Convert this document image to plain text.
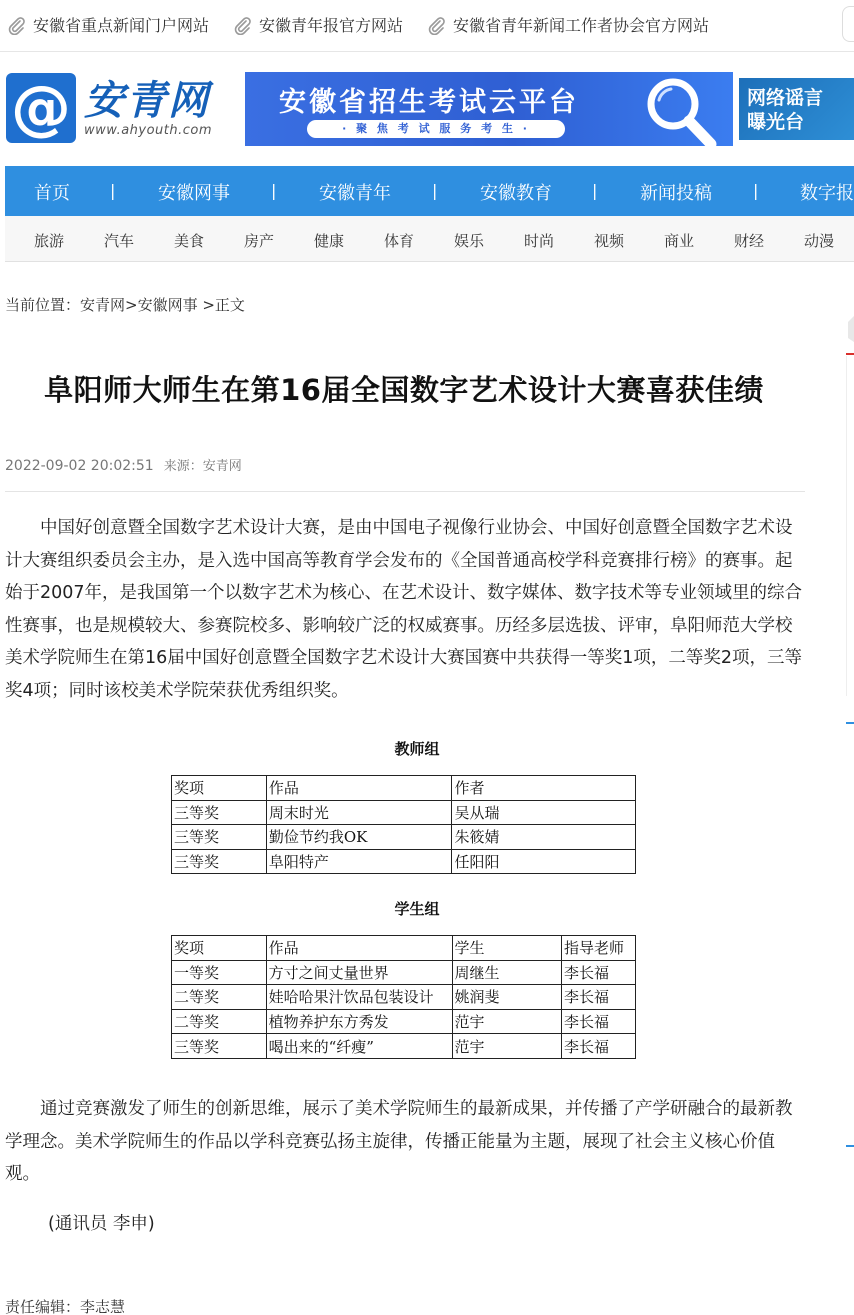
安徽省重点新闻门户网站	安徽青年报官方网站	安徽省青年新闻工作者协会官方网站
@ 安青网
www.ahyouth.com
安徽省招生考试云平台
· 聚 焦 考 试 服 务 考 生 ·
网络谣言
曝光台
首页	| 安徽网事	| 安徽青年	| 安徽教育	| 新闻投稿	| 数字报
旅游	汽车	美食	房产	健康	体育	娱乐	时尚	视频	商业	财经	动漫
当前位置：安青网>安徽网事 >正文
阜阳师大师生在第16届全国数字艺术设计大赛喜获佳绩
2022-09-02 20:02:51 来源：安青网

中国好创意暨全国数字艺术设计大赛，是由中国电子视像行业协会、中国好创意暨全国数字艺术设计大赛组织委员会主办，是入选中国高等教育学会发布的《全国普通高校学科竞赛排行榜》的赛事。起始于2007年，是我国第一个以数字艺术为核心、在艺术设计、数字媒体、数字技术等专业领域里的综合性赛事，也是规模较大、参赛院校多、影响较广泛的权威赛事。历经多层选拔、评审，阜阳师范大学校美术学院师生在第16届中国好创意暨全国数字艺术设计大赛国赛中共获得一等奖1项，二等奖2项，三等奖4项；同时该校美术学院荣获优秀组织奖。

教师组
奖项	作品	作者
三等奖	周末时光	吴从瑞
三等奖	勤俭节约我OK	朱筱婧
三等奖	阜阳特产	任阳阳
学生组
奖项	作品	学生	指导老师
一等奖	方寸之间丈量世界	周继生	李长福
二等奖	娃哈哈果汁饮品包装设计	姚润斐	李长福
二等奖	植物养护东方秀发	范宇	李长福
三等奖	喝出来的“纤瘦”	范宇	李长福

通过竞赛激发了师生的创新思维，展示了美术学院师生的最新成果，并传播了产学研融合的最新教学理念。美术学院师生的作品以学科竞赛弘扬主旋律，传播正能量为主题，展现了社会主义核心价值观。

(通讯员 李申)

责任编辑：李志慧
